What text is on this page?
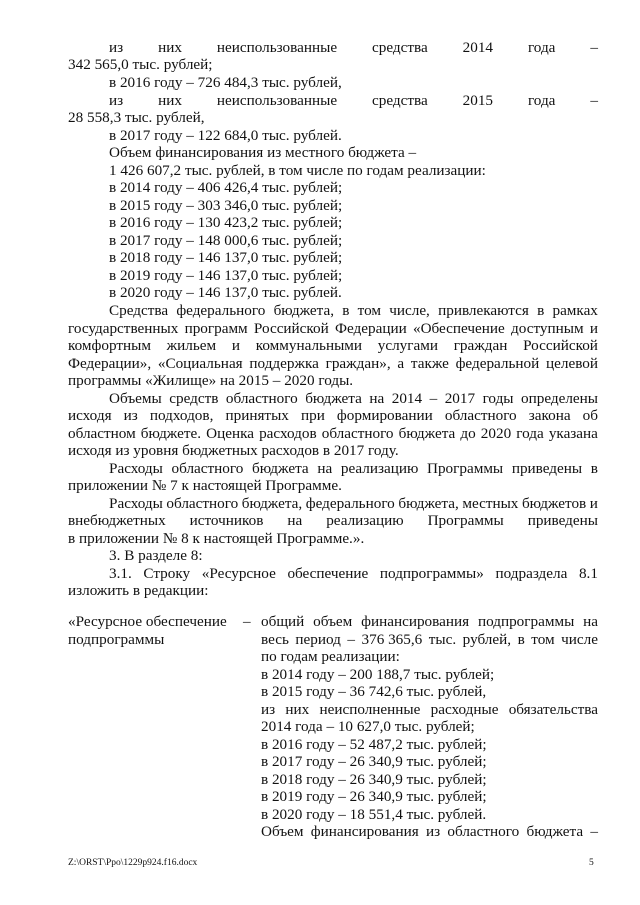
из них неиспользованные средства 2014 года –
342 565,0 тыс. рублей;
в 2016 году – 726 484,3 тыс. рублей,
из них неиспользованные средства 2015 года –
28 558,3 тыс. рублей,
в 2017 году – 122 684,0 тыс. рублей.
Объем финансирования из местного бюджета –
1 426 607,2 тыс. рублей, в том числе по годам реализации:
в 2014 году – 406 426,4 тыс. рублей;
в 2015 году – 303 346,0 тыс. рублей;
в 2016 году – 130 423,2 тыс. рублей;
в 2017 году – 148 000,6 тыс. рублей;
в 2018 году – 146 137,0 тыс. рублей;
в 2019 году – 146 137,0 тыс. рублей;
в 2020 году – 146 137,0 тыс. рублей.
Средства федерального бюджета, в том числе, привлекаются в рамках
государственных программ Российской Федерации «Обеспечение доступным и
комфортным жильем и коммунальными услугами граждан Российской
Федерации», «Социальная поддержка граждан», а также федеральной целевой
программы «Жилище» на 2015 – 2020 годы.
Объемы средств областного бюджета на 2014 – 2017 годы определены
исходя из подходов, принятых при формировании областного закона об
областном бюджете. Оценка расходов областного бюджета до 2020 года указана
исходя из уровня бюджетных расходов в 2017 году.
Расходы областного бюджета на реализацию Программы приведены в
приложении № 7 к настоящей Программе.
Расходы областного бюджета, федерального бюджета, местных бюджетов и
внебюджетных источников на реализацию Программы приведены
в приложении № 8 к настоящей Программе.».
3. В разделе 8:
3.1. Строку «Ресурсное обеспечение подпрограммы» подраздела 8.1
изложить в редакции:
«Ресурсное обеспечение
подпрограммы
– общий объем финансирования подпрограммы на
весь период – 376 365,6 тыс. рублей, в том числе
по годам реализации:
в 2014 году – 200 188,7 тыс. рублей;
в 2015 году – 36 742,6 тыс. рублей,
из них неисполненные расходные обязательства
2014 года – 10 627,0 тыс. рублей;
в 2016 году – 52 487,2 тыс. рублей;
в 2017 году – 26 340,9 тыс. рублей;
в 2018 году – 26 340,9 тыс. рублей;
в 2019 году – 26 340,9 тыс. рублей;
в 2020 году – 18 551,4 тыс. рублей.
Объем финансирования из областного бюджета –
Z:\ORST\Ppo\1229p924.f16.docx	5
